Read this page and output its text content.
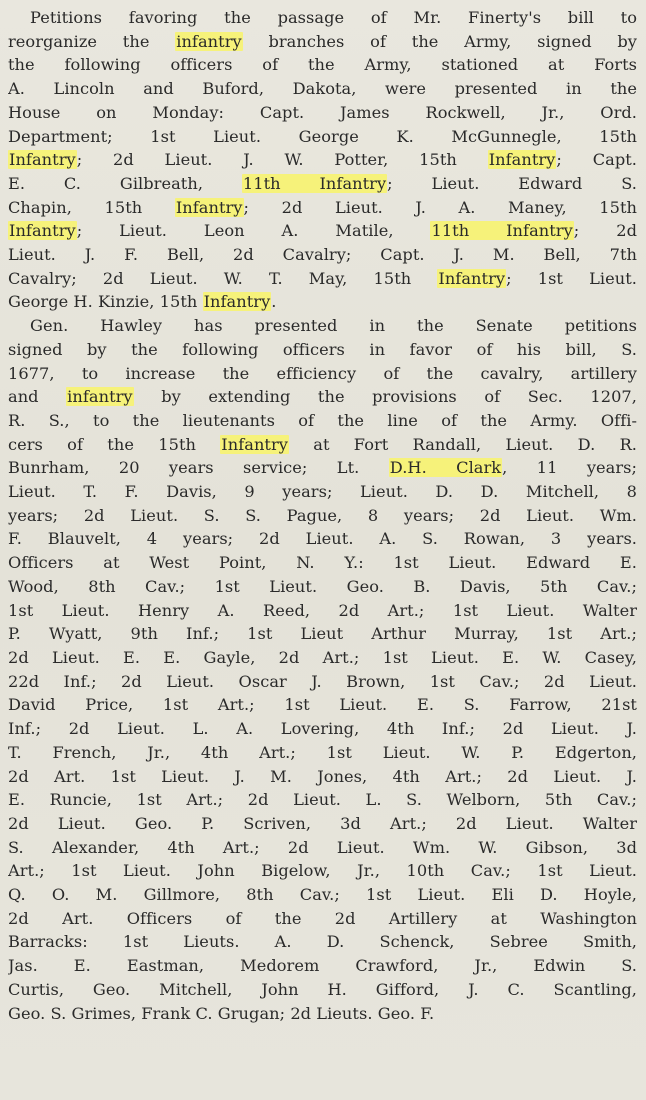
Petitions favoring the passage of Mr. Finerty's bill to
reorganize the infantry branches of the Army, signed by
the following officers of the Army, stationed at Forts
A. Lincoln and Buford, Dakota, were presented in the
House on Monday: Capt. James Rockwell, Jr., Ord.
Department; 1st Lieut. George K. McGunnegle, 15th
Infantry; 2d Lieut. J. W. Potter, 15th Infantry; Capt.
E. C. Gilbreath, 11th Infantry; Lieut. Edward S.
Chapin, 15th Infantry; 2d Lieut. J. A. Maney, 15th
Infantry; Lieut. Leon A. Matile, 11th Infantry; 2d
Lieut. J. F. Bell, 2d Cavalry; Capt. J. M. Bell, 7th
Cavalry; 2d Lieut. W. T. May, 15th Infantry; 1st Lieut.
George H. Kinzie, 15th Infantry.
Gen. Hawley has presented in the Senate petitions
signed by the following officers in favor of his bill, S.
1677, to increase the efficiency of the cavalry, artillery
and infantry by extending the provisions of Sec. 1207,
R. S., to the lieutenants of the line of the Army. Offi-
cers of the 15th Infantry at Fort Randall, Lieut. D. R.
Bunrham, 20 years service; Lt. D.H. Clark, 11 years;
Lieut. T. F. Davis, 9 years; Lieut. D. D. Mitchell, 8
years; 2d Lieut. S. S. Pague, 8 years; 2d Lieut. Wm.
F. Blauvelt, 4 years; 2d Lieut. A. S. Rowan, 3 years.
Officers at West Point, N. Y.: 1st Lieut. Edward E.
Wood, 8th Cav.; 1st Lieut. Geo. B. Davis, 5th Cav.;
1st Lieut. Henry A. Reed, 2d Art.; 1st Lieut. Walter
P. Wyatt, 9th Inf.; 1st Lieut Arthur Murray, 1st Art.;
2d Lieut. E. E. Gayle, 2d Art.; 1st Lieut. E. W. Casey,
22d Inf.; 2d Lieut. Oscar J. Brown, 1st Cav.; 2d Lieut.
David Price, 1st Art.; 1st Lieut. E. S. Farrow, 21st
Inf.; 2d Lieut. L. A. Lovering, 4th Inf.; 2d Lieut. J.
T. French, Jr., 4th Art.; 1st Lieut. W. P. Edgerton,
2d Art. 1st Lieut. J. M. Jones, 4th Art.; 2d Lieut. J.
E. Runcie, 1st Art.; 2d Lieut. L. S. Welborn, 5th Cav.;
2d Lieut. Geo. P. Scriven, 3d Art.; 2d Lieut. Walter
S. Alexander, 4th Art.; 2d Lieut. Wm. W. Gibson, 3d
Art.; 1st Lieut. John Bigelow, Jr., 10th Cav.; 1st Lieut.
Q. O. M. Gillmore, 8th Cav.; 1st Lieut. Eli D. Hoyle,
2d Art. Officers of the 2d Artillery at Washington
Barracks: 1st Lieuts. A. D. Schenck, Sebree Smith,
Jas. E. Eastman, Medorem Crawford, Jr., Edwin S.
Curtis, Geo. Mitchell, John H. Gifford, J. C. Scantling,
Geo. S. Grimes, Frank C. Grugan; 2d Lieuts. Geo. F.
